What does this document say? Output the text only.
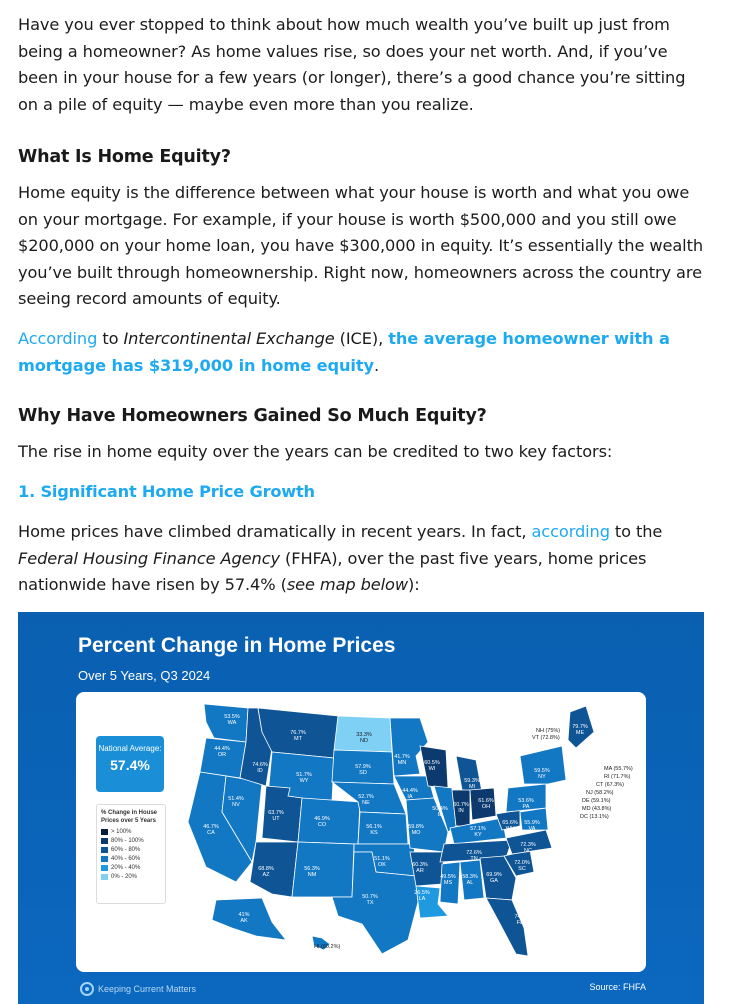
Have you ever stopped to think about how much wealth you’ve built up just from being a homeowner? As home values rise, so does your net worth. And, if you’ve been in your house for a few years (or longer), there’s a good chance you’re sitting on a pile of equity — maybe even more than you realize.

What Is Home Equity?

Home equity is the difference between what your house is worth and what you owe on your mortgage. For example, if your house is worth $500,000 and you still owe $200,000 on your home loan, you have $300,000 in equity. It’s essentially the wealth you’ve built through homeownership. Right now, homeowners across the country are seeing record amounts of equity.

According to Intercontinental Exchange (ICE), the average homeowner with a mortgage has $319,000 in home equity.

Why Have Homeowners Gained So Much Equity?

The rise in home equity over the years can be credited to two key factors:

1. Significant Home Price Growth

Home prices have climbed dramatically in recent years. In fact, according to the Federal Housing Finance Agency (FHFA), over the past five years, home prices nationwide have risen by 57.4% (see map below):

Percent Change in Home Prices
Over 5 Years, Q3 2024
National Average:
57.4%
% Change in House Prices over 5 Years
> 100%
80% - 100%
60% - 80%
40% - 60%
20% - 40%
0% - 20%
53.5% WA
44.4% OR
46.7% CA
51.4% NV
74.6% ID
76.7% MT
51.7% WY
63.7% UT
68.8% AZ
46.9% CO
56.3% NM
33.3% ND
57.9% SD
52.7% NE
56.1% KS
51.1% OK
50.7% TX
41.7% MN
44.4% IA
59.8% MO
60.3% AR
26.5% LA
60.5% WI
50.4% IL
59.3% MI
60.7% IN
61.6% OH
57.1% KY
72.6% TN
49.5% MS
58.3% AL
69.9% GA
74% FL
72.0% SC
72.3% NC
55.9% VA
65.6% WV
53.6% PA
59.5% NY
79.7% ME
41% AK
NH (75%)
VT (72.8%)
MA (55.7%)
RI (71.7%)
CT (67.3%)
NJ (58.2%)
DE (59.1%)
MD (43.8%)
DC (13.1%)
HI (60.2%)
Keeping Current Matters	Source: FHFA
